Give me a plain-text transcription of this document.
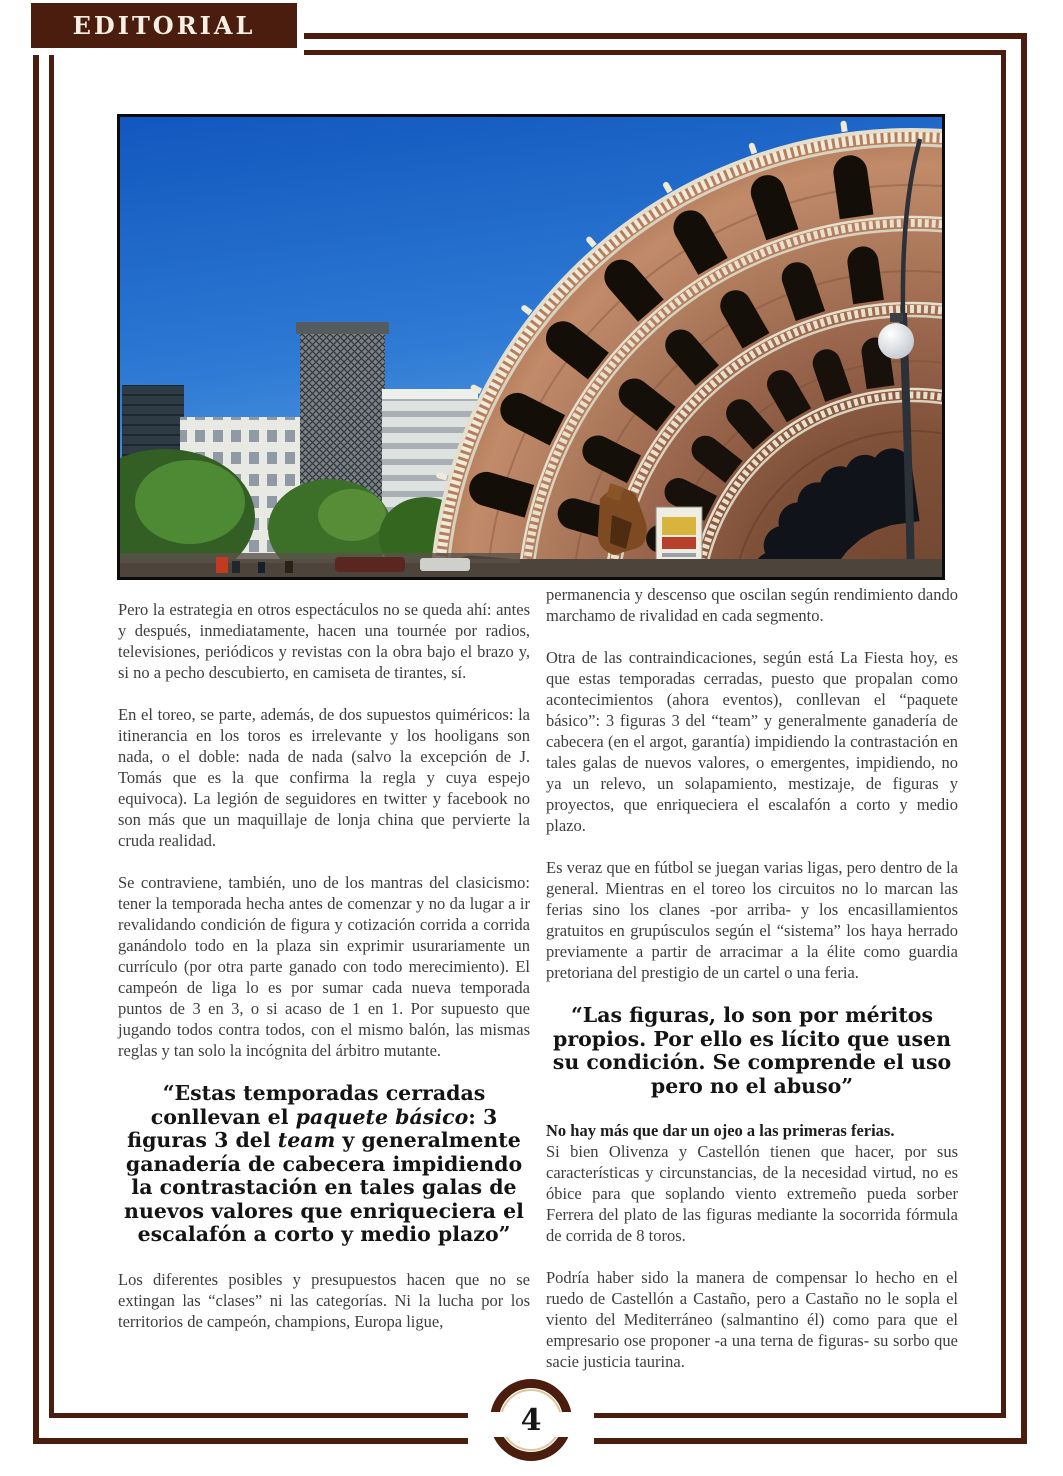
EDITORIAL

Pero la estrategia en otros espectáculos no se queda ahí: antes y después, inmediatamente, hacen una tournée por radios, televisiones, periódicos y revistas con la obra bajo el brazo y, si no a pecho descubierto, en camiseta de tirantes, sí.

En el toreo, se parte, además, de dos supuestos quiméricos: la itinerancia en los toros es irrelevante y los hooligans son nada, o el doble: nada de nada (salvo la excepción de J. Tomás que es la que confirma la regla y cuya espejo equivoca). La legión de seguidores en twitter y facebook no son más que un maquillaje de lonja china que pervierte la cruda realidad.

Se contraviene, también, uno de los mantras del clasicismo: tener la temporada hecha antes de comenzar y no da lugar a ir revalidando condición de figura y cotización corrida a corrida ganándolo todo en la plaza sin exprimir usurariamente un currículo (por otra parte ganado con todo merecimiento). El campeón de liga lo es por sumar cada nueva temporada puntos de 3 en 3, o si acaso de 1 en 1. Por supuesto que jugando todos contra todos, con el mismo balón, las mismas reglas y tan solo la incógnita del árbitro mutante.

“Estas temporadas cerradas conllevan el paquete básico: 3 figuras 3 del team y generalmente ganadería de cabecera impidiendo la contrastación en tales galas de nuevos valores que enriqueciera el escalafón a corto y medio plazo”

Los diferentes posibles y presupuestos hacen que no se extingan las “clases” ni las categorías. Ni la lucha por los territorios de campeón, champions, Europa ligue,

permanencia y descenso que oscilan según rendimiento dando marchamo de rivalidad en cada segmento.

Otra de las contraindicaciones, según está La Fiesta hoy, es que estas temporadas cerradas, puesto que propalan como acontecimientos (ahora eventos), conllevan el “paquete básico”: 3 figuras 3 del “team” y generalmente ganadería de cabecera (en el argot, garantía) impidiendo la contrastación en tales galas de nuevos valores, o emergentes, impidiendo, no ya un relevo, un solapamiento, mestizaje, de figuras y proyectos, que enriqueciera el escalafón a corto y medio plazo.

Es veraz que en fútbol se juegan varias ligas, pero dentro de la general. Mientras en el toreo los circuitos no lo marcan las ferias sino los clanes -por arriba- y los encasillamientos gratuitos en grupúsculos según el “sistema” los haya herrado previamente a partir de arracimar a la élite como guardia pretoriana del prestigio de un cartel o una feria.

“Las figuras, lo son por méritos propios. Por ello es lícito que usen su condición. Se comprende el uso pero no el abuso”

No hay más que dar un ojeo a las primeras ferias.

Si bien Olivenza y Castellón tienen que hacer, por sus características y circunstancias, de la necesidad virtud, no es óbice para que soplando viento extremeño pueda sorber Ferrera del plato de las figuras mediante la socorrida fórmula de corrida de 8 toros.

Podría haber sido la manera de compensar lo hecho en el ruedo de Castellón a Castaño, pero a Castaño no le sopla el viento del Mediterráneo (salmantino él) como para que el empresario ose proponer -a una terna de figuras- su sorbo que sacie justicia taurina.

4
